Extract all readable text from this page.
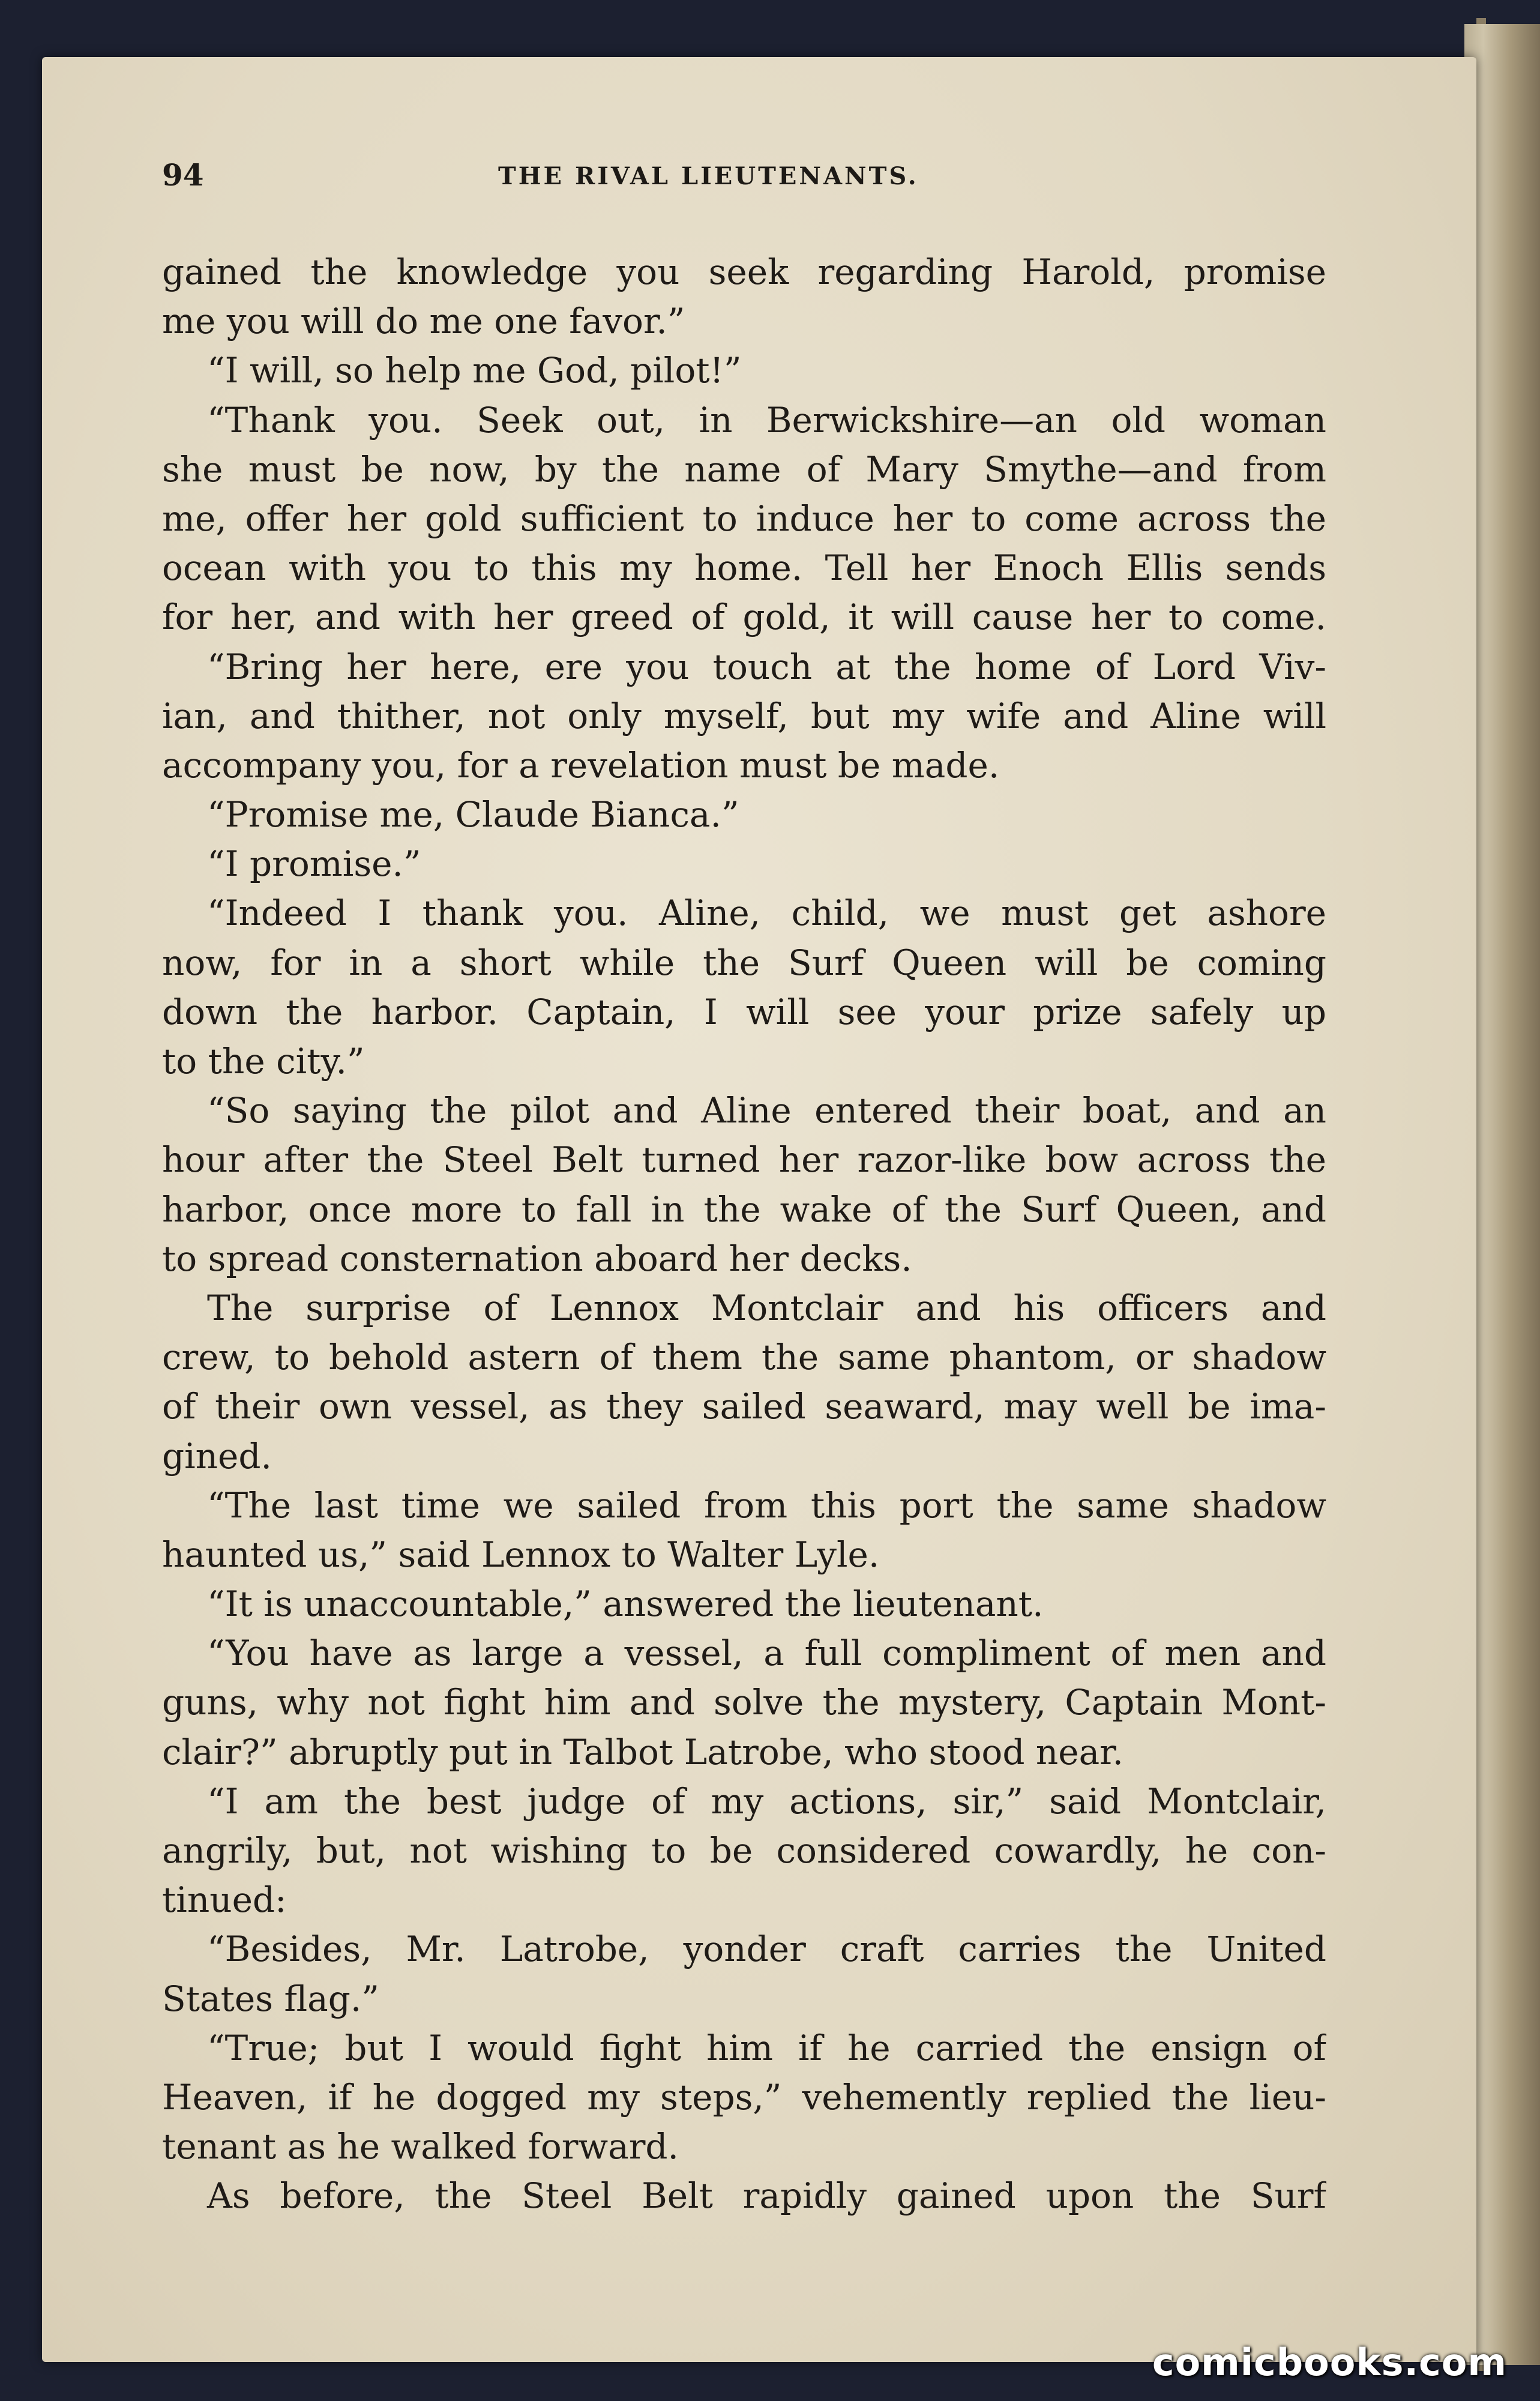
94	THE RIVAL LIEUTENANTS.
gained the knowledge you seek regarding Harold, promise
me you will do me one favor.”
“I will, so help me God, pilot!”
“Thank you. Seek out, in Berwickshire—an old woman
she must be now, by the name of Mary Smythe—and from
me, offer her gold sufficient to induce her to come across the
ocean with you to this my home. Tell her Enoch Ellis sends
for her, and with her greed of gold, it will cause her to come.
“Bring her here, ere you touch at the home of Lord Viv-
ian, and thither, not only myself, but my wife and Aline will
accompany you, for a revelation must be made.
“Promise me, Claude Bianca.”
“I promise.”
“Indeed I thank you. Aline, child, we must get ashore
now, for in a short while the Surf Queen will be coming
down the harbor. Captain, I will see your prize safely up
to the city.”
“So saying the pilot and Aline entered their boat, and an
hour after the Steel Belt turned her razor-like bow across the
harbor, once more to fall in the wake of the Surf Queen, and
to spread consternation aboard her decks.
The surprise of Lennox Montclair and his officers and
crew, to behold astern of them the same phantom, or shadow
of their own vessel, as they sailed seaward, may well be ima-
gined.
“The last time we sailed from this port the same shadow
haunted us,” said Lennox to Walter Lyle.
“It is unaccountable,” answered the lieutenant.
“You have as large a vessel, a full compliment of men and
guns, why not fight him and solve the mystery, Captain Mont-
clair?” abruptly put in Talbot Latrobe, who stood near.
“I am the best judge of my actions, sir,” said Montclair,
angrily, but, not wishing to be considered cowardly, he con-
tinued:
“Besides, Mr. Latrobe, yonder craft carries the United
States flag.”
“True; but I would fight him if he carried the ensign of
Heaven, if he dogged my steps,” vehemently replied the lieu-
tenant as he walked forward.
As before, the Steel Belt rapidly gained upon the Surf
comicbooks.com
